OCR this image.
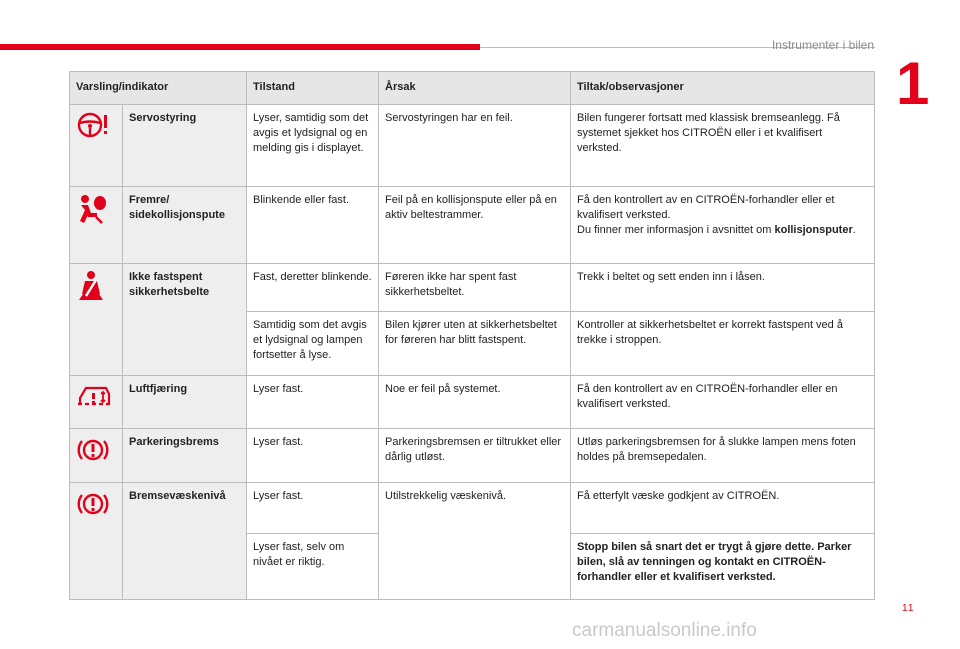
Instrumenter i bilen
1
Varsling/indikator		Tilstand	Årsak	Tiltak/observasjoner
	Servostyring	Lyser, samtidig som det avgis et lydsignal og en melding gis i displayet.	Servostyringen har en feil.	Bilen fungerer fortsatt med klassisk bremseanlegg. Få systemet sjekket hos CITROËN eller i et kvalifisert verksted.
	Fremre/ sidekollisjonspute	Blinkende eller fast.	Feil på en kollisjonspute eller på en aktiv beltestrammer.	Få den kontrollert av en CITROËN-forhandler eller et kvalifisert verksted.
Du finner mer informasjon i avsnittet om kollisjonsputer.

	Ikke fastspent sikkerhetsbelte	Fast, deretter blinkende.	Føreren ikke har spent fast sikkerhetsbeltet.	Trekk i beltet og sett enden inn i låsen.
		Samtidig som det avgis et lydsignal og lampen fortsetter å lyse.	Bilen kjører uten at sikkerhetsbeltet for føreren har blitt fastspent.	Kontroller at sikkerhetsbeltet er korrekt fastspent ved å trekke i stroppen.
	Luftfjæring	Lyser fast.	Noe er feil på systemet.	Få den kontrollert av en CITROËN-forhandler eller en kvalifisert verksted.
	Parkeringsbrems	Lyser fast.	Parkeringsbremsen er tiltrukket eller dårlig utløst.	Utløs parkeringsbremsen for å slukke lampen mens foten holdes på bremsepedalen.
	Bremsevæskenivå	Lyser fast.	Utilstrekkelig væskenivå.	Få etterfylt væske godkjent av CITROËN.
		Lyser fast, selv om nivået er riktig.		Stopp bilen så snart det er trygt å gjøre dette. Parker bilen, slå av tenningen og kontakt en CITROËN-forhandler eller et kvalifisert verksted.
11
carmanualsonline.info
